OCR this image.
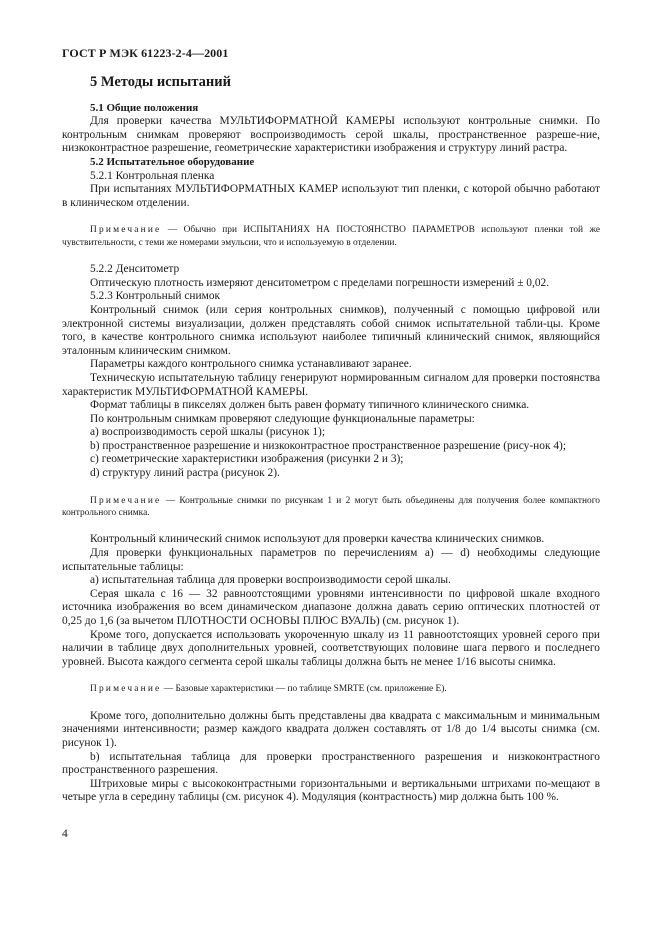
ГОСТ Р МЭК 61223-2-4—2001

5 Методы испытаний

5.1 Общие положения

Для проверки качества МУЛЬТИФОРМАТНОЙ КАМЕРЫ используют контрольные снимки. По контрольным снимкам проверяют воспроизводимость серой шкалы, пространственное разреше-ние, низкоконтрастное разрешение, геометрические характеристики изображения и структуру линий растра.

5.2 Испытательное оборудование

5.2.1 Контрольная пленка

При испытаниях МУЛЬТИФОРМАТНЫХ КАМЕР используют тип пленки, с которой обычно работают в клиническом отделении.

Примечание — Обычно при ИСПЫТАНИЯХ НА ПОСТОЯНСТВО ПАРАМЕТРОВ используют пленки той же чувствительности, с теми же номерами эмульсии, что и используемую в отделении.

5.2.2 Денситометр

Оптическую плотность измеряют денситометром с пределами погрешности измерений ± 0,02.

5.2.3 Контрольный снимок

Контрольный снимок (или серия контрольных снимков), полученный с помощью цифровой или электронной системы визуализации, должен представлять собой снимок испытательной табли-цы. Кроме того, в качестве контрольного снимка используют наиболее типичный клинический снимок, являющийся эталонным клиническим снимком.

Параметры каждого контрольного снимка устанавливают заранее.

Техническую испытательную таблицу генерируют нормированным сигналом для проверки постоянства характеристик МУЛЬТИФОРМАТНОЙ КАМЕРЫ.

Формат таблицы в пикселях должен быть равен формату типичного клинического снимка.

По контрольным снимкам проверяют следующие функциональные параметры:

а) воспроизводимость серой шкалы (рисунок 1);

b) пространственное разрешение и низкоконтрастное пространственное разрешение (рису-нок 4);

c) геометрические характеристики изображения (рисунки 2 и 3);

d) структуру линий растра (рисунок 2).

Примечание — Контрольные снимки по рисункам 1 и 2 могут быть объединены для получения более компактного контрольного снимка.

Контрольный клинический снимок используют для проверки качества клинических снимков.

Для проверки функциональных параметров по перечислениям а) — d) необходимы следующие испытательные таблицы:

а) испытательная таблица для проверки воспроизводимости серой шкалы.

Серая шкала с 16 — 32 равноотстоящими уровнями интенсивности по цифровой шкале входного источника изображения во всем динамическом диапазоне должна давать серию оптических плотностей от 0,25 до 1,6 (за вычетом ПЛОТНОСТИ ОСНОВЫ ПЛЮС ВУАЛЬ) (см. рисунок 1).

Кроме того, допускается использовать укороченную шкалу из 11 равноотстоящих уровней серого при наличии в таблице двух дополнительных уровней, соответствующих половине шага первого и последнего уровней. Высота каждого сегмента серой шкалы таблицы должна быть не менее 1/16 высоты снимка.

Примечание — Базовые характеристики — по таблице SMRTE (см. приложение Е).

Кроме того, дополнительно должны быть представлены два квадрата с максимальным и минимальным значениями интенсивности; размер каждого квадрата должен составлять от 1/8 до 1/4 высоты снимка (см. рисунок 1).

b) испытательная таблица для проверки пространственного разрешения и низкоконтрастного пространственного разрешения.

Штриховые миры с высококонтрастными горизонтальными и вертикальными штрихами по-мещают в четыре угла в середину таблицы (см. рисунок 4). Модуляция (контрастность) мир должна быть 100 %.

4
